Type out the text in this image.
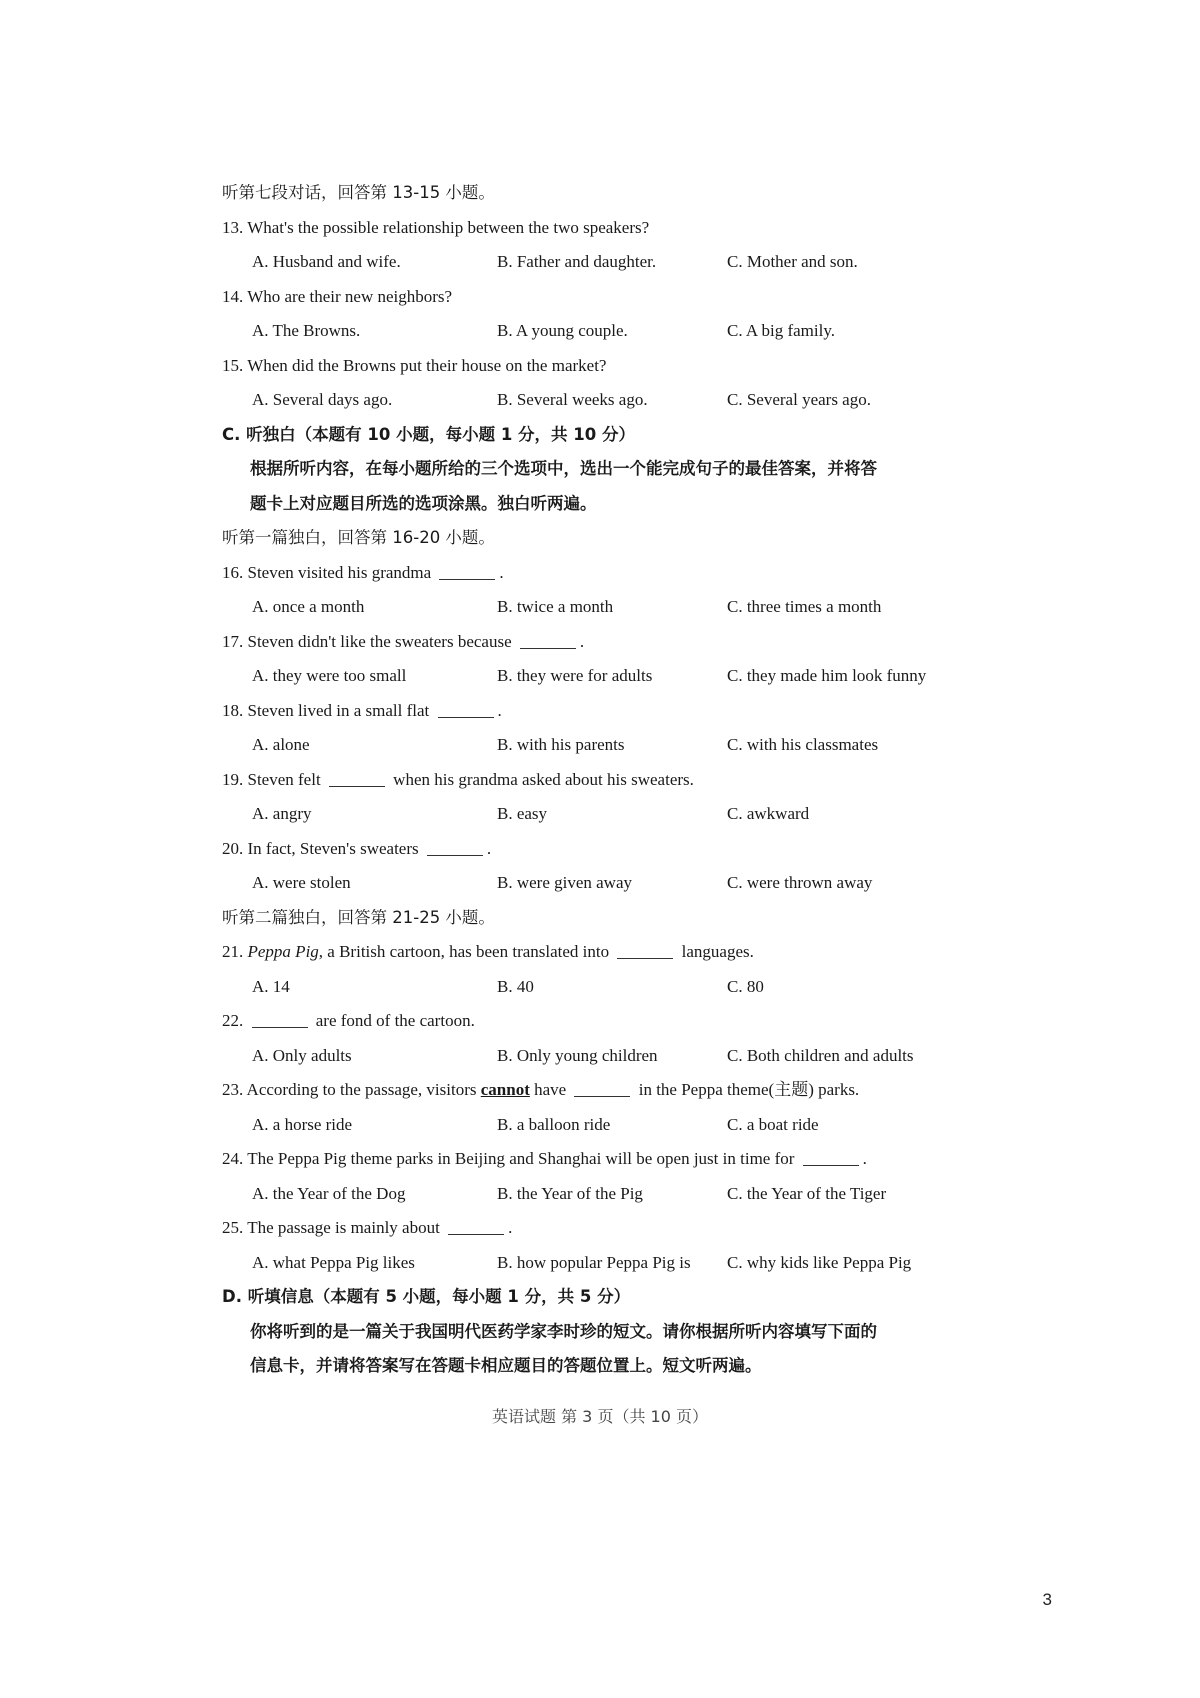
听第七段对话，回答第 13-15 小题。
13. What's the possible relationship between the two speakers?
A. Husband and wife.	B. Father and daughter.	C. Mother and son.
14. Who are their new neighbors?
A. The Browns.	B. A young couple.	C. A big family.
15. When did the Browns put their house on the market?
A. Several days ago.	B. Several weeks ago.	C. Several years ago.
C. 听独白（本题有 10 小题，每小题 1 分，共 10 分）
根据所听内容，在每小题所给的三个选项中，选出一个能完成句子的最佳答案，并将答
题卡上对应题目所选的选项涂黑。独白听两遍。
听第一篇独白，回答第 16-20 小题。
16. Steven visited his grandma	.
A. once a month	B. twice a month	C. three times a month
17. Steven didn't like the sweaters because	.
A. they were too small	B. they were for adults	C. they made him look funny
18. Steven lived in a small flat	.
A. alone	B. with his parents	C. with his classmates
19. Steven felt	when his grandma asked about his sweaters.
A. angry	B. easy	C. awkward
20. In fact, Steven's sweaters	.
A. were stolen	B. were given away	C. were thrown away
听第二篇独白，回答第 21-25 小题。
21. Peppa Pig, a British cartoon, has been translated into	languages.
A. 14	B. 40	C. 80
22.	are fond of the cartoon.
A. Only adults	B. Only young children	C. Both children and adults
23. According to the passage, visitors cannot have	in the Peppa theme(主题) parks.
A. a horse ride	B. a balloon ride	C. a boat ride
24. The Peppa Pig theme parks in Beijing and Shanghai will be open just in time for	.
A. the Year of the Dog	B. the Year of the Pig	C. the Year of the Tiger
25. The passage is mainly about	.
A. what Peppa Pig likes	B. how popular Peppa Pig is	C. why kids like Peppa Pig
D. 听填信息（本题有 5 小题，每小题 1 分，共 5 分）
你将听到的是一篇关于我国明代医药学家李时珍的短文。请你根据所听内容填写下面的
信息卡，并请将答案写在答题卡相应题目的答题位置上。短文听两遍。
英语试题 第 3 页（共 10 页）
3
